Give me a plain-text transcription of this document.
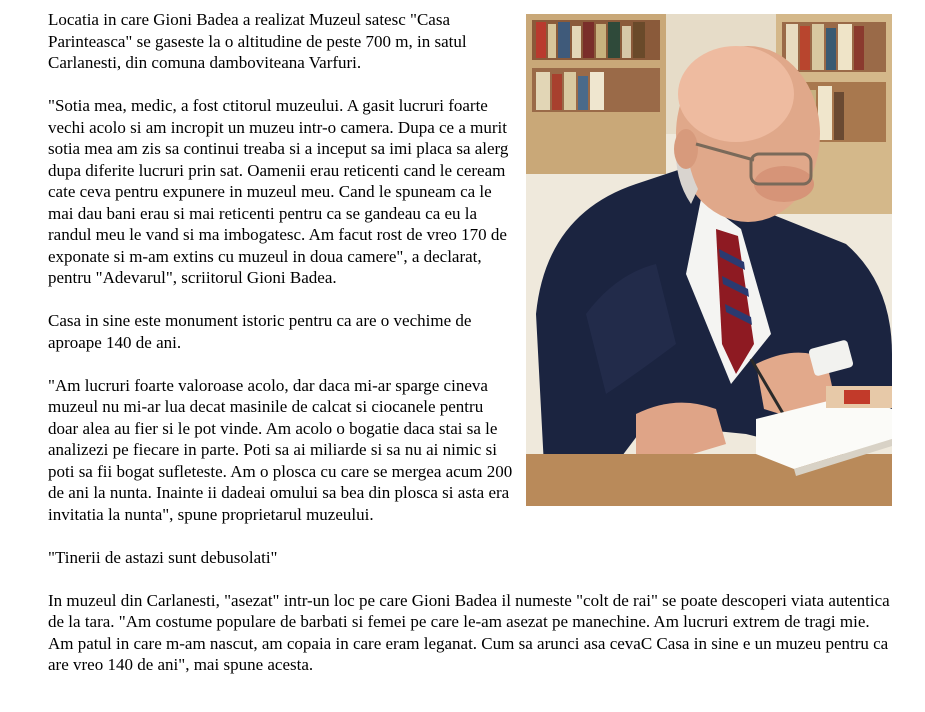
Locatia in care Gioni Badea a realizat Muzeul satesc "Casa Parinteasca" se gaseste la o altitudine de peste 700 m, in satul Carlanesti, din comuna damboviteana Varfuri.

"Sotia mea, medic, a fost ctitorul muzeului. A gasit lucruri foarte vechi acolo si am incropit un muzeu intr-o camera. Dupa ce a murit sotia mea am zis sa continui treaba si a inceput sa imi placa sa alerg dupa diferite lucruri prin sat. Oamenii erau reticenti cand le ceream cate ceva pentru expunere in muzeul meu. Cand le spuneam ca le mai dau bani erau si mai reticenti pentru ca se gandeau ca eu la randul meu le vand si ma imbogatesc. Am facut rost de vreo 170 de exponate si m-am extins cu muzeul in doua camere", a declarat, pentru "Adevarul", scriitorul Gioni Badea.

Casa in sine este monument istoric pentru ca are o vechime de aproape 140 de ani.

"Am lucruri foarte valoroase acolo, dar daca mi-ar sparge cineva muzeul nu mi-ar lua decat masinile de calcat si ciocanele pentru doar alea au fier si le pot vinde. Am acolo o bogatie daca stai sa le analizezi pe fiecare in parte. Poti sa ai miliarde si sa nu ai nimic si poti sa fii bogat sufleteste. Am o plosca cu care se mergea acum 200 de ani la nunta. Inainte ii dadeai omului sa bea din plosca si asta era invitatia la nunta", spune proprietarul muzeului.

"Tinerii de astazi sunt debusolati"

In muzeul din Carlanesti, "asezat" intr-un loc pe care Gioni Badea il numeste "colt de rai" se poate descoperi viata autentica de la tara. "Am costume populare de barbati si femei pe care le-am asezat pe manechine. Am lucruri extrem de tragi mie. Am patul in care m-am nascut, am copaia in care eram leganat. Cum sa arunci asa cevaC Casa in sine e un muzeu pentru ca are vreo 140 de ani", mai spune acesta.
